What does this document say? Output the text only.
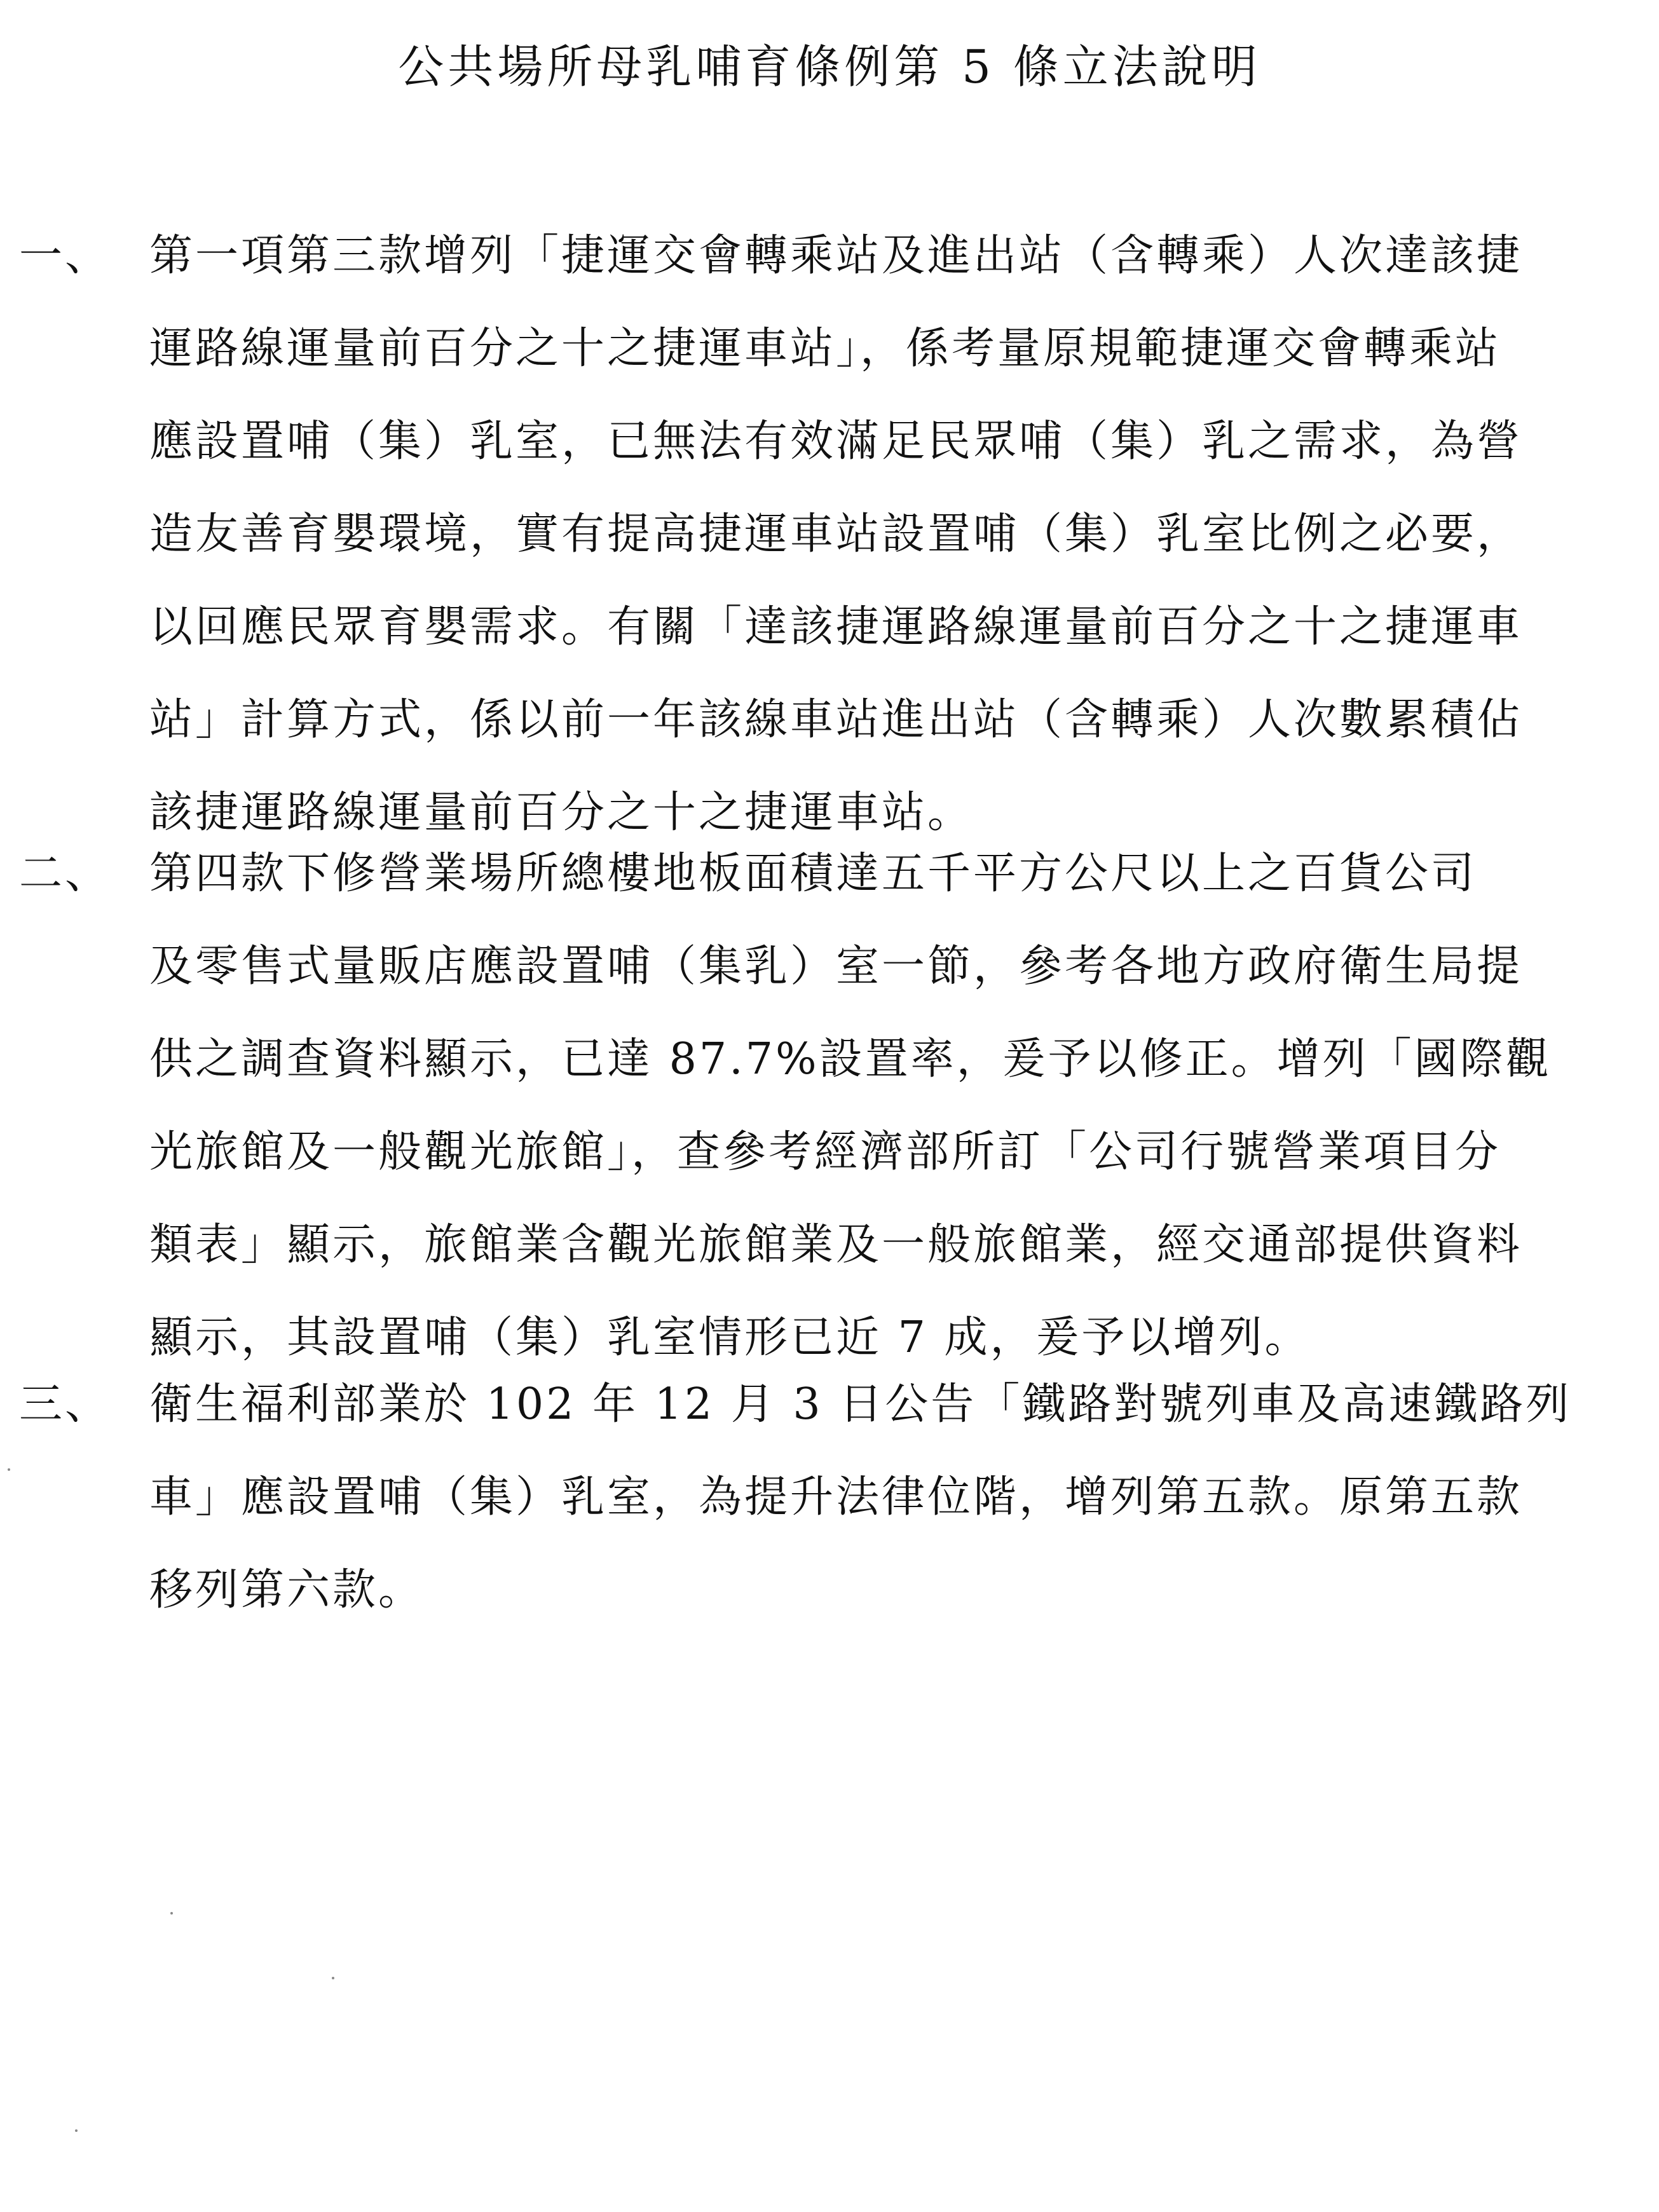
公共場所母乳哺育條例第 5 條立法說明
一、 第一項第三款增列「捷運交會轉乘站及進出站（含轉乘）人次達該捷
運路線運量前百分之十之捷運車站」，係考量原規範捷運交會轉乘站
應設置哺（集）乳室，已無法有效滿足民眾哺（集）乳之需求，為營
造友善育嬰環境，實有提高捷運車站設置哺（集）乳室比例之必要，
以回應民眾育嬰需求。有關「達該捷運路線運量前百分之十之捷運車
站」計算方式，係以前一年該線車站進出站（含轉乘）人次數累積佔
該捷運路線運量前百分之十之捷運車站。
二、 第四款下修營業場所總樓地板面積達五千平方公尺以上之百貨公司
及零售式量販店應設置哺（集乳）室一節，參考各地方政府衛生局提
供之調查資料顯示，已達 87.7%設置率，爰予以修正。增列「國際觀
光旅館及一般觀光旅館」，查參考經濟部所訂「公司行號營業項目分
類表」顯示，旅館業含觀光旅館業及一般旅館業，經交通部提供資料
顯示，其設置哺（集）乳室情形已近 7 成，爰予以增列。
三、 衛生福利部業於 102 年 12 月 3 日公告「鐵路對號列車及高速鐵路列
車」應設置哺（集）乳室，為提升法律位階，增列第五款。原第五款
移列第六款。
